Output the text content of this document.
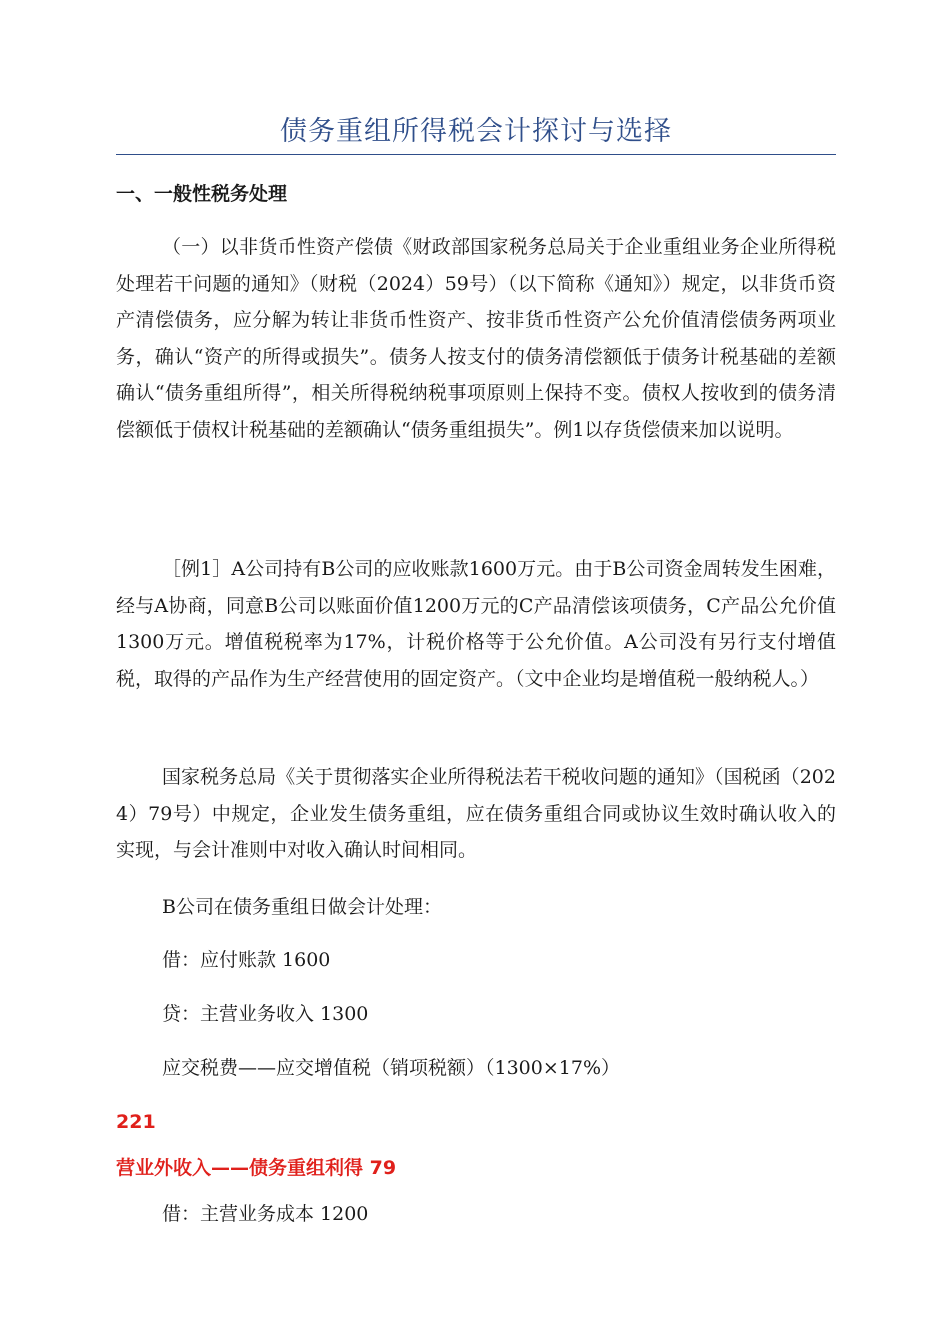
债务重组所得税会计探讨与选择
一、一般性税务处理

（一）以非货币性资产偿债《财政部国家税务总局关于企业重组业务企业所得税处理若干问题的通知》（财税（2024）59号）（以下简称《通知》）规定，以非货币资产清偿债务，应分解为转让非货币性资产、按非货币性资产公允价值清偿债务两项业务，确认“资产的所得或损失”。债务人按支付的债务清偿额低于债务计税基础的差额确认“债务重组所得”，相关所得税纳税事项原则上保持不变。债权人按收到的债务清偿额低于债权计税基础的差额确认“债务重组损失”。例1以存货偿债来加以说明。

［例1］A公司持有B公司的应收账款1600万元。由于B公司资金周转发生困难，经与A协商，同意B公司以账面价值1200万元的C产品清偿该项债务，C产品公允价值1300万元。增值税税率为17%，计税价格等于公允价值。A公司没有另行支付增值税，取得的产品作为生产经营使用的固定资产。（文中企业均是增值税一般纳税人。）

国家税务总局《关于贯彻落实企业所得税法若干税收问题的通知》（国税函（2024）79号）中规定，企业发生债务重组，应在债务重组合同或协议生效时确认收入的实现，与会计准则中对收入确认时间相同。

B公司在债务重组日做会计处理：
借：应付账款 1600
贷：主营业务收入 1300
应交税费——应交增值税（销项税额）（1300×17%）
221
营业外收入——债务重组利得 79
借：主营业务成本 1200
